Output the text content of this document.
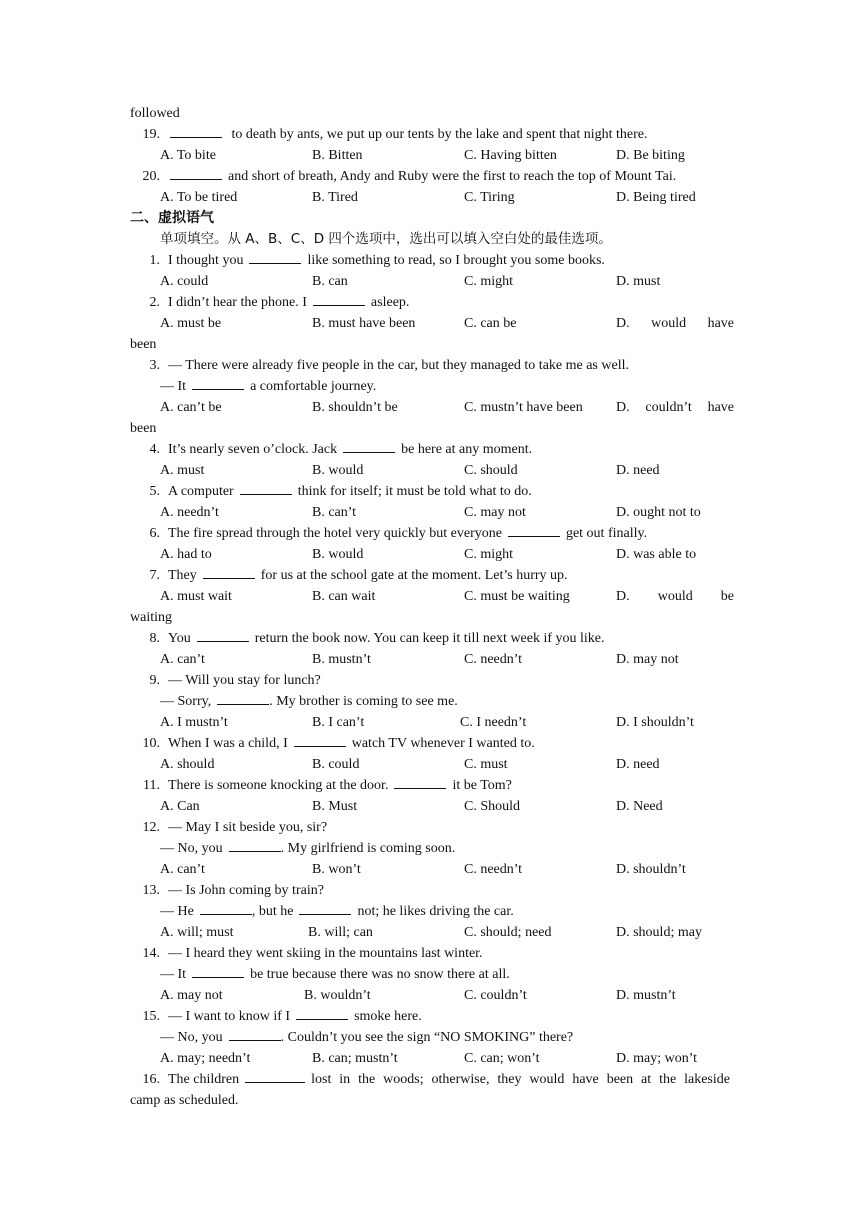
followed
19.	to death by ants, we put up our tents by the lake and spent that night there.
A. To bite	B. Bitten	C. Having bitten	D. Be biting
20.	and short of breath, Andy and Ruby were the first to reach the top of Mount Tai.
A. To be tired	B. Tired	C. Tiring	D. Being tired
二、虚拟语气
单项填空。从 A、B、C、D 四个选项中，选出可以填入空白处的最佳选项。
1. I thought you	like something to read, so I brought you some books.
A. could	B. can	C. might	D. must
2. I didn’t hear the phone. I	asleep.
A. must be	B. must have been	C. can be	D. would have
been
3. — There were already five people in the car, but they managed to take me as well.
— It	a comfortable journey.
A. can’t be	B. shouldn’t be	C. mustn’t have been	D. couldn’t have
been
4. It’s nearly seven o’clock. Jack	be here at any moment.
A. must	B. would	C. should	D. need
5. A computer	think for itself; it must be told what to do.
A. needn’t	B. can’t	C. may not	D. ought not to
6. The fire spread through the hotel very quickly but everyone	get out finally.
A. had to	B. would	C. might	D. was able to
7. They	for us at the school gate at the moment. Let’s hurry up.
A. must wait	B. can wait	C. must be waiting	D. would be
waiting
8. You	return the book now. You can keep it till next week if you like.
A. can’t	B. mustn’t	C. needn’t	D. may not
9. — Will you stay for lunch?
— Sorry,	. My brother is coming to see me.
A. I mustn’t	B. I can’t	C. I needn’t	D. I shouldn’t
10. When I was a child, I	watch TV whenever I wanted to.
A. should	B. could	C. must	D. need
11. There is someone knocking at the door.	it be Tom?
A. Can	B. Must	C. Should	D. Need
12. — May I sit beside you, sir?
— No, you	. My girlfriend is coming soon.
A. can’t	B. won’t	C. needn’t	D. shouldn’t
13. — Is John coming by train?
— He	, but he	not; he likes driving the car.
A. will; must	B. will; can	C. should; need	D. should; may
14. — I heard they went skiing in the mountains last winter.
— It	be true because there was no snow there at all.
A. may not	B. wouldn’t	C. couldn’t	D. mustn’t
15. — I want to know if I	smoke here.
— No, you	. Couldn’t you see the sign “NO SMOKING” there?
A. may; needn’t	B. can; mustn’t	C. can; won’t	D. may; won’t
16. The children	lost in the woods; otherwise, they would have been at the lakeside
camp as scheduled.
